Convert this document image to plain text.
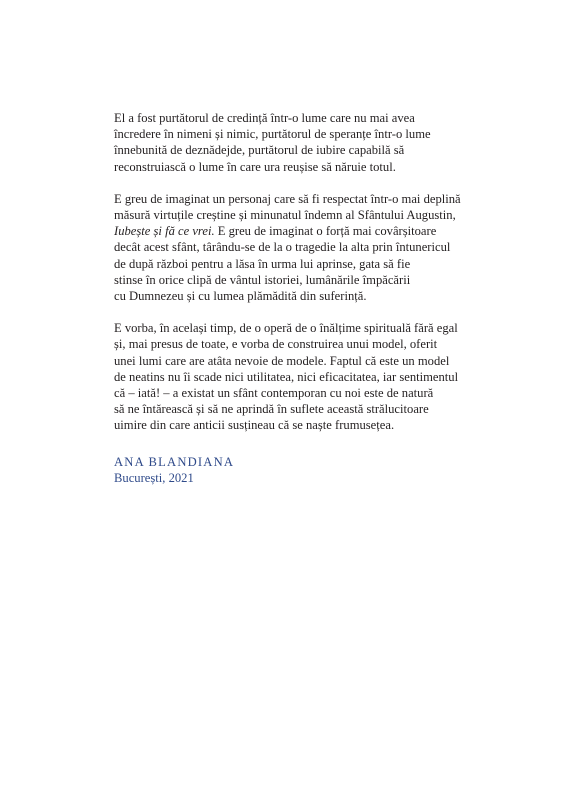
El a fost purtătorul de credință într-o lume care nu mai avea
încredere în nimeni și nimic, purtătorul de speranțe într-o lume
înnebunită de deznădejde, purtătorul de iubire capabilă să
reconstruiască o lume în care ura reușise să năruie totul.

E greu de imaginat un personaj care să fi respectat într-o mai deplină
măsură virtuțile creștine și minunatul îndemn al Sfântului Augustin,
Iubește și fă ce vrei. E greu de imaginat o forță mai covârșitoare
decât acest sfânt, târându-se de la o tragedie la alta prin întunericul
de după război pentru a lăsa în urma lui aprinse, gata să fie
stinse în orice clipă de vântul istoriei, lumânările împăcării
cu Dumnezeu și cu lumea plămădită din suferință.

E vorba, în același timp, de o operă de o înălțime spirituală fără egal
și, mai presus de toate, e vorba de construirea unui model, oferit
unei lumi care are atâta nevoie de modele. Faptul că este un model
de neatins nu îi scade nici utilitatea, nici eficacitatea, iar sentimentul
că – iată! – a existat un sfânt contemporan cu noi este de natură
să ne întărească și să ne aprindă în suflete această strălucitoare
uimire din care anticii susțineau că se naște frumusețea.

ANA BLANDIANA
București, 2021
